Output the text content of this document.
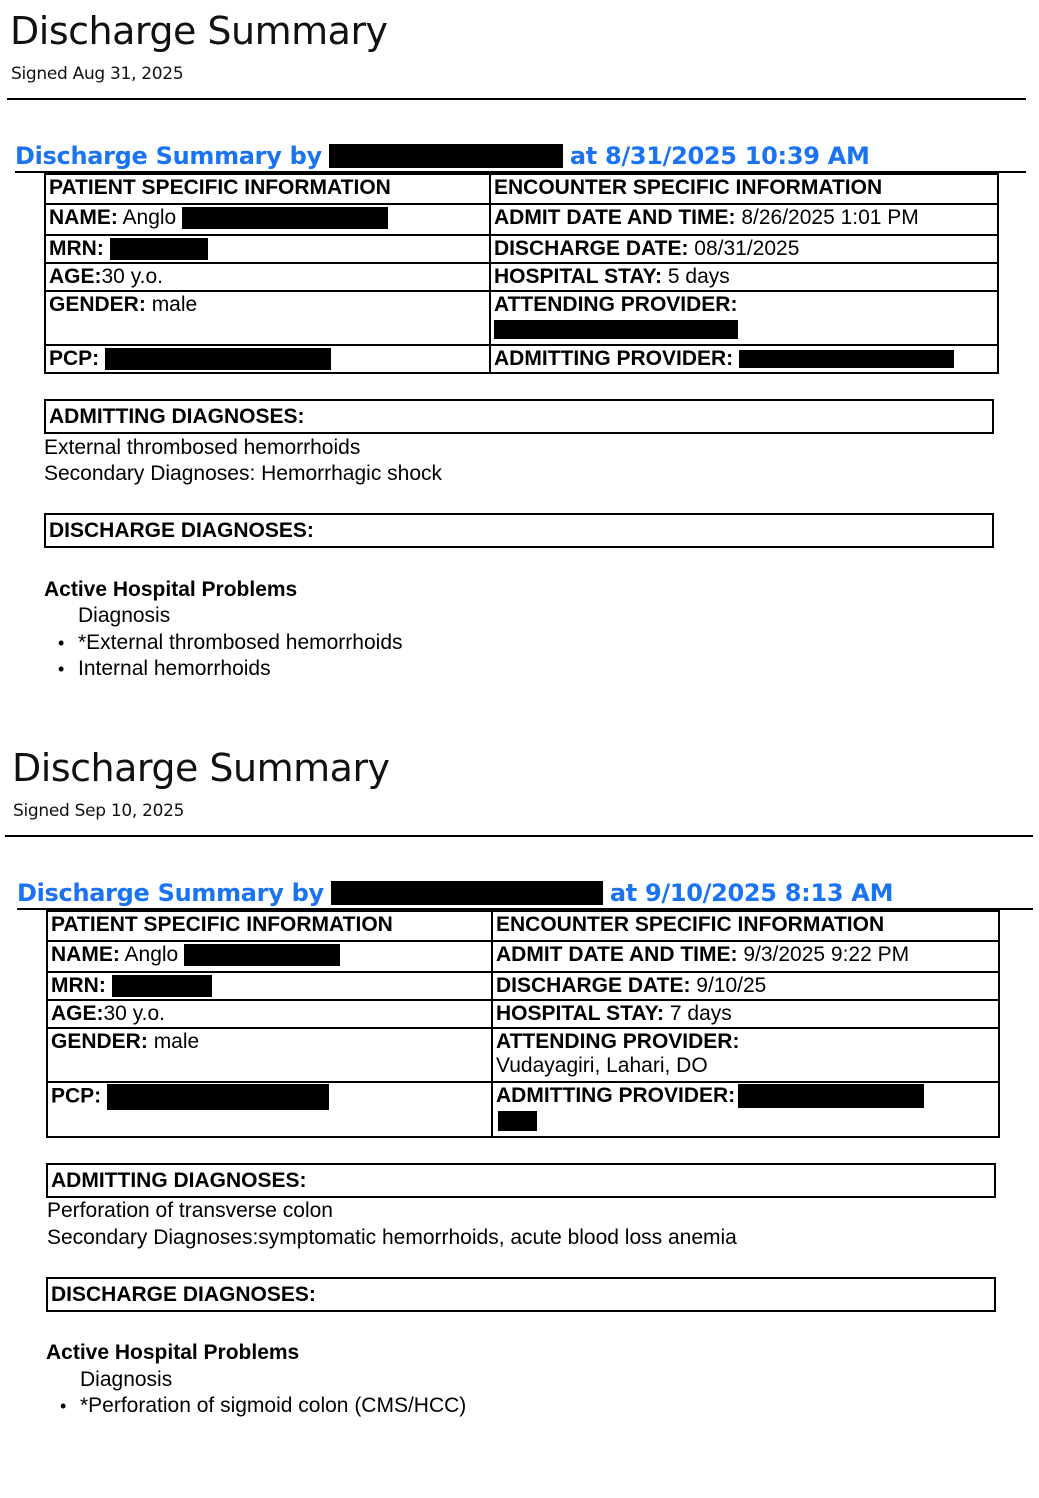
Discharge Summary
Signed Aug 31, 2025
Discharge Summary by	at 8/31/2025 10:39 AM
PATIENT SPECIFIC INFORMATION	ENCOUNTER SPECIFIC INFORMATION
NAME: Anglo	ADMIT DATE AND TIME: 8/26/2025 1:01 PM
MRN:	DISCHARGE DATE: 08/31/2025
AGE:30 y.o.	HOSPITAL STAY: 5 days
GENDER: male	ATTENDING PROVIDER:

PCP:	ADMITTING PROVIDER:
ADMITTING DIAGNOSES:
External thrombosed hemorrhoids
Secondary Diagnoses: Hemorrhagic shock
DISCHARGE DIAGNOSES:
Active Hospital Problems
Diagnosis
• *External thrombosed hemorrhoids
• Internal hemorrhoids
Discharge Summary
Signed Sep 10, 2025
Discharge Summary by	at 9/10/2025 8:13 AM
PATIENT SPECIFIC INFORMATION	ENCOUNTER SPECIFIC INFORMATION
NAME: Anglo	ADMIT DATE AND TIME: 9/3/2025 9:22 PM
MRN:	DISCHARGE DATE: 9/10/25
AGE:30 y.o.	HOSPITAL STAY: 7 days
GENDER: male	ATTENDING PROVIDER:
Vudayagiri, Lahari, DO
PCP:	ADMITTING PROVIDER:

ADMITTING DIAGNOSES:
Perforation of transverse colon
Secondary Diagnoses:symptomatic hemorrhoids, acute blood loss anemia
DISCHARGE DIAGNOSES:
Active Hospital Problems
Diagnosis
• *Perforation of sigmoid colon (CMS/HCC)
